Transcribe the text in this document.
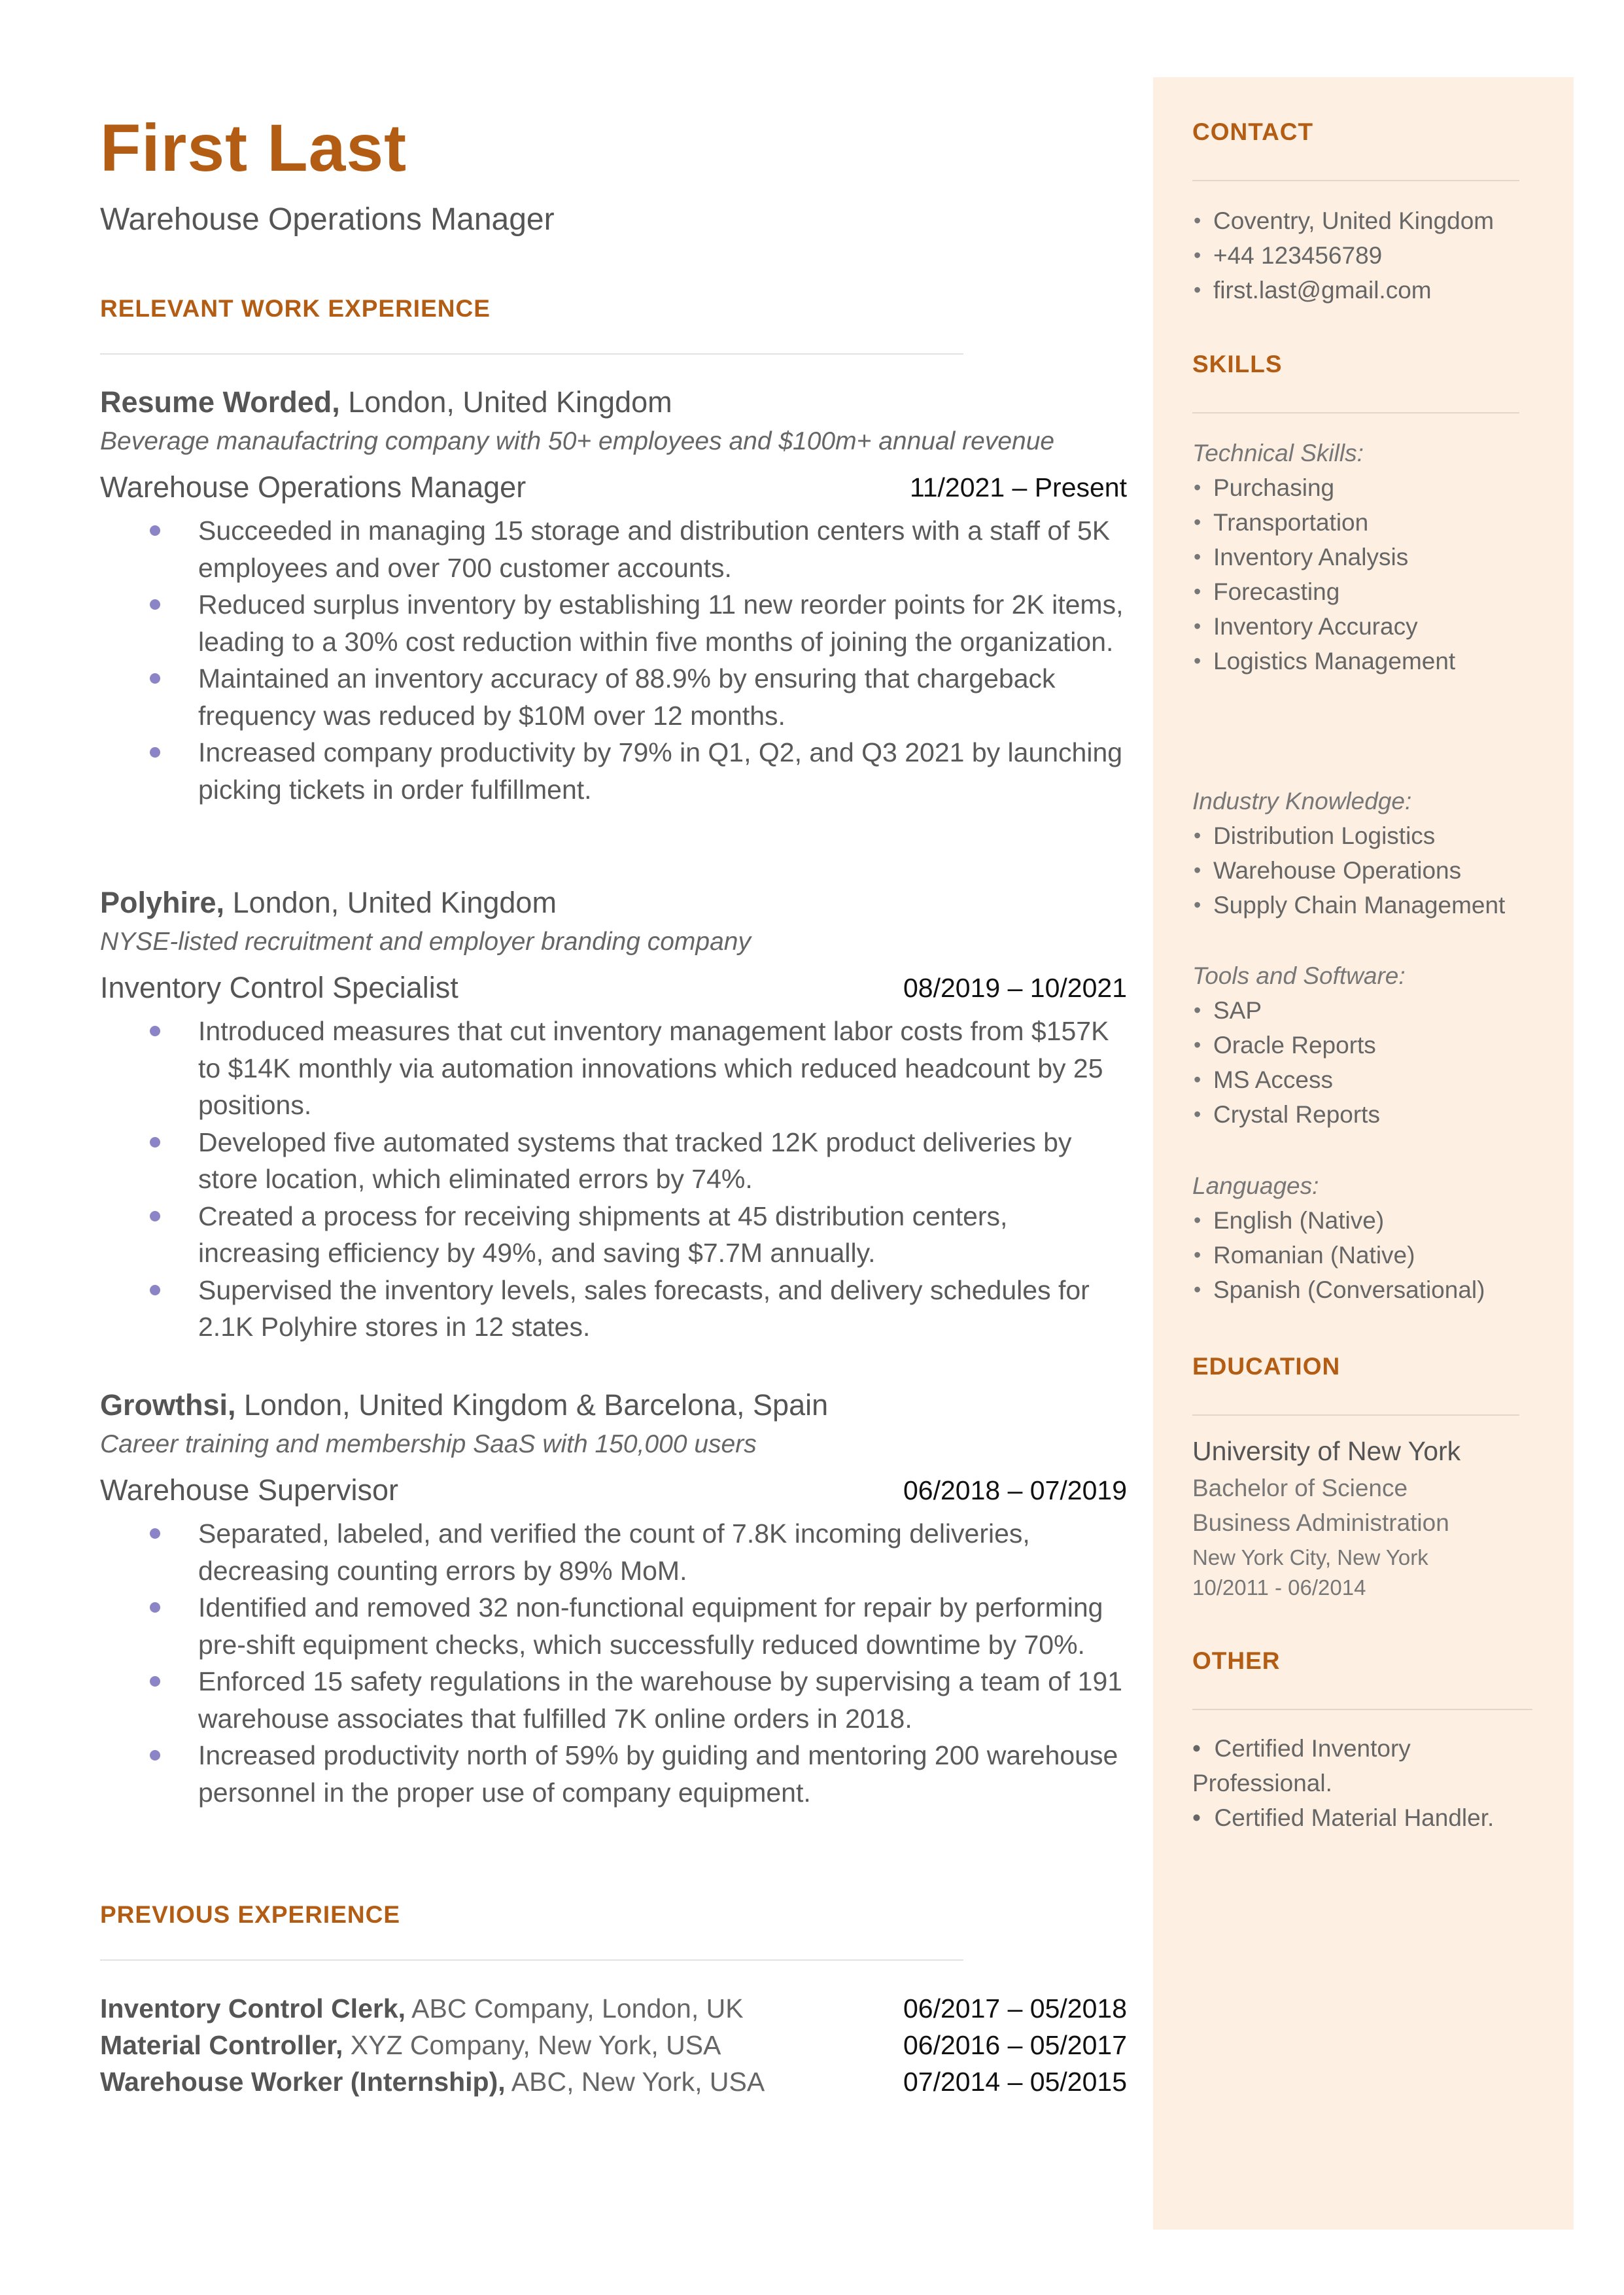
First Last

Warehouse Operations Manager

RELEVANT WORK EXPERIENCE

Resume Worded, London, United Kingdom

Beverage manaufactring company with 50+ employees and $100m+ annual revenue

Warehouse Operations Manager	11/2021 – Present
Succeeded in managing 15 storage and distribution centers with a staff of 5K employees and over 700 customer accounts.
Reduced surplus inventory by establishing 11 new reorder points for 2K items, leading to a 30% cost reduction within five months of joining the organization.
Maintained an inventory accuracy of 88.9% by ensuring that chargeback frequency was reduced by $10M over 12 months.
Increased company productivity by 79% in Q1, Q2, and Q3 2021 by launching picking tickets in order fulfillment.

Polyhire, London, United Kingdom

NYSE-listed recruitment and employer branding company

Inventory Control Specialist	08/2019 – 10/2021
Introduced measures that cut inventory management labor costs from $157K to $14K monthly via automation innovations which reduced headcount by 25 positions.
Developed five automated systems that tracked 12K product deliveries by store location, which eliminated errors by 74%.
Created a process for receiving shipments at 45 distribution centers, increasing efficiency by 49%, and saving $7.7M annually.
Supervised the inventory levels, sales forecasts, and delivery schedules for 2.1K Polyhire stores in 12 states.

Growthsi, London, United Kingdom & Barcelona, Spain

Career training and membership SaaS with 150,000 users

Warehouse Supervisor	06/2018 – 07/2019
Separated, labeled, and verified the count of 7.8K incoming deliveries, decreasing counting errors by 89% MoM.
Identified and removed 32 non-functional equipment for repair by performing pre-shift equipment checks, which successfully reduced downtime by 70%.
Enforced 15 safety regulations in the warehouse by supervising a team of 191 warehouse associates that fulfilled 7K online orders in 2018.
Increased productivity north of 59% by guiding and mentoring 200 warehouse personnel in the proper use of company equipment.
PREVIOUS EXPERIENCE
Inventory Control Clerk, ABC Company, London, UK	06/2017 – 05/2018
Material Controller, XYZ Company, New York, USA	06/2016 – 05/2017
Warehouse Worker (Internship), ABC, New York, USA	07/2014 – 05/2015
CONTACT
• Coventry, United Kingdom
• +44 123456789
• first.last@gmail.com
SKILLS

Technical Skills:

• Purchasing
• Transportation
• Inventory Analysis
• Forecasting
• Inventory Accuracy
• Logistics Management

Industry Knowledge:

• Distribution Logistics
• Warehouse Operations
• Supply Chain Management

Tools and Software:

• SAP
• Oracle Reports
• MS Access
• Crystal Reports

Languages:

• English (Native)
• Romanian (Native)
• Spanish (Conversational)
EDUCATION

University of New York

Bachelor of Science

Business Administration

New York City, New York

10/2011 - 06/2014

OTHER
• Certified Inventory Professional.
• Certified Material Handler.
